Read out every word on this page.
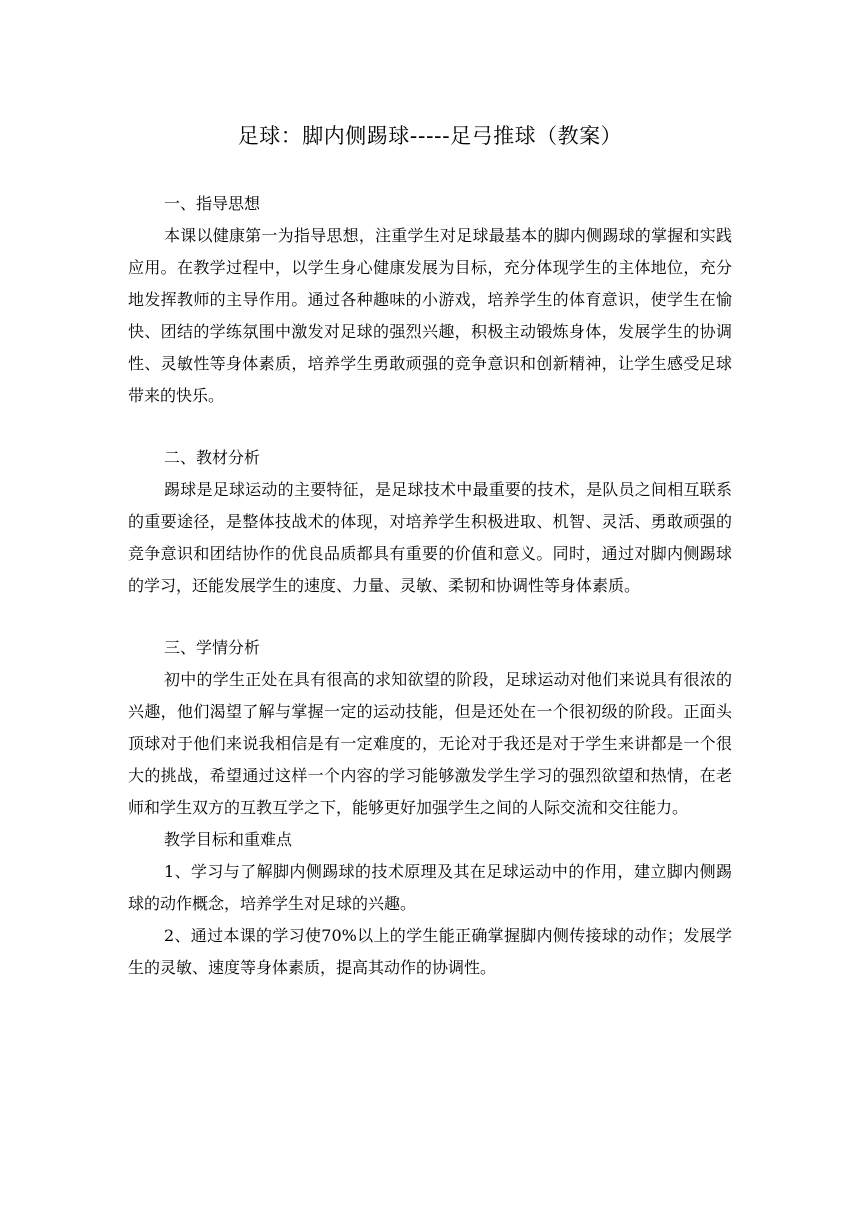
足球：脚内侧踢球-----足弓推球（教案）

一、指导思想

本课以健康第一为指导思想，注重学生对足球最基本的脚内侧踢球的掌握和实践应用。在教学过程中，以学生身心健康发展为目标，充分体现学生的主体地位，充分地发挥教师的主导作用。通过各种趣味的小游戏，培养学生的体育意识，使学生在愉快、团结的学练氛围中激发对足球的强烈兴趣，积极主动锻炼身体，发展学生的协调性、灵敏性等身体素质，培养学生勇敢顽强的竞争意识和创新精神，让学生感受足球带来的快乐。

二、教材分析

踢球是足球运动的主要特征，是足球技术中最重要的技术，是队员之间相互联系的重要途径，是整体技战术的体现，对培养学生积极进取、机智、灵活、勇敢顽强的竞争意识和团结协作的优良品质都具有重要的价值和意义。同时，通过对脚内侧踢球的学习，还能发展学生的速度、力量、灵敏、柔韧和协调性等身体素质。

三、学情分析

初中的学生正处在具有很高的求知欲望的阶段，足球运动对他们来说具有很浓的兴趣，他们渴望了解与掌握一定的运动技能，但是还处在一个很初级的阶段。正面头顶球对于他们来说我相信是有一定难度的，无论对于我还是对于学生来讲都是一个很大的挑战，希望通过这样一个内容的学习能够激发学生学习的强烈欲望和热情，在老师和学生双方的互教互学之下，能够更好加强学生之间的人际交流和交往能力。

教学目标和重难点

1、学习与了解脚内侧踢球的技术原理及其在足球运动中的作用，建立脚内侧踢球的动作概念，培养学生对足球的兴趣。

2、通过本课的学习使70%以上的学生能正确掌握脚内侧传接球的动作；发展学生的灵敏、速度等身体素质，提高其动作的协调性。
